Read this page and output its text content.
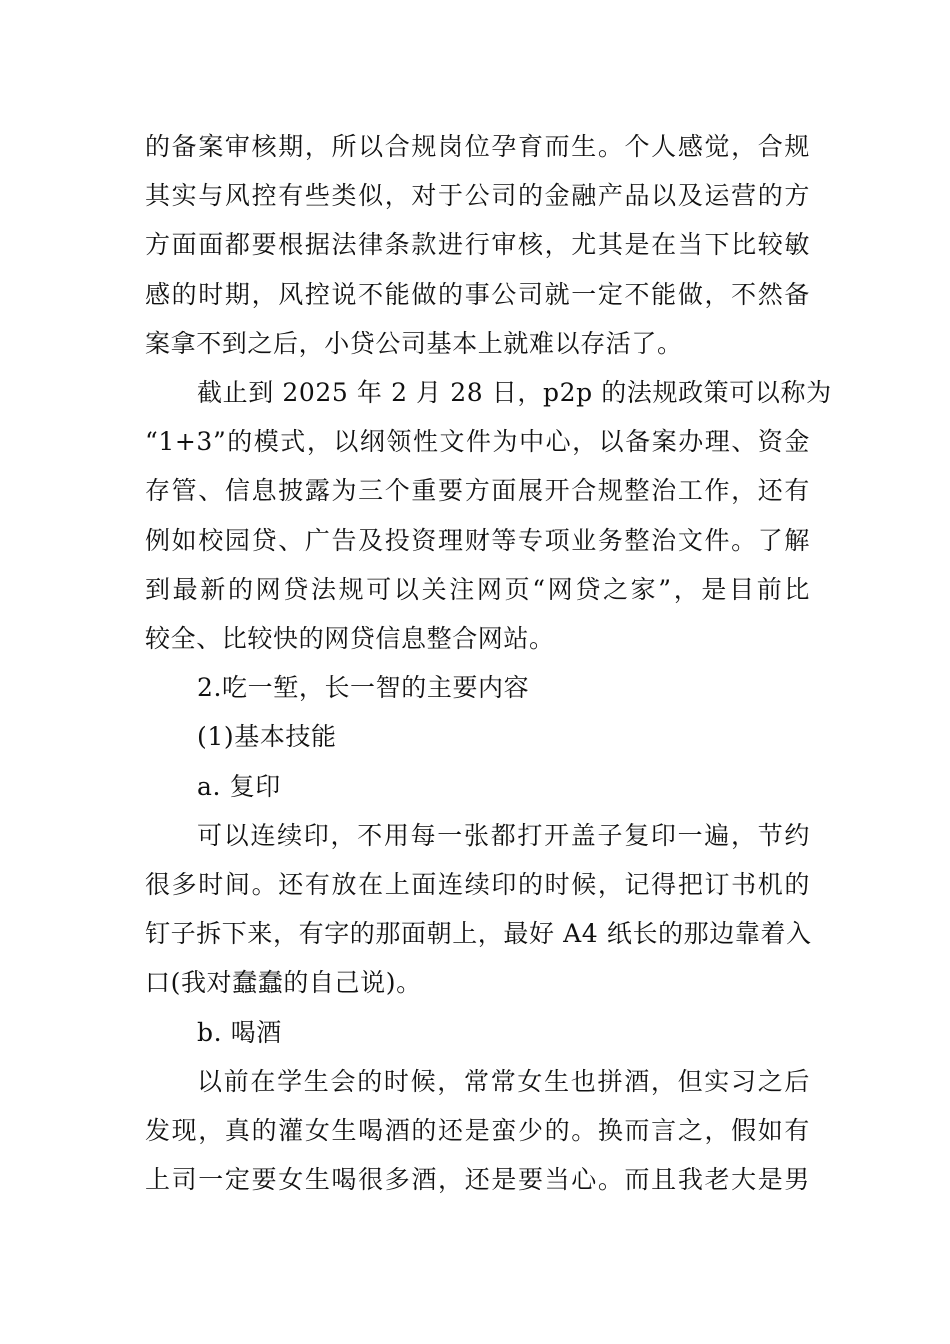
的备案审核期，所以合规岗位孕育而生。个人感觉，合规
其实与风控有些类似，对于公司的金融产品以及运营的方
方面面都要根据法律条款进行审核，尤其是在当下比较敏
感的时期，风控说不能做的事公司就一定不能做，不然备
案拿不到之后，小贷公司基本上就难以存活了。

截止到 2025 年 2 月 28 日，p2p 的法规政策可以称为
“1+3”的模式，以纲领性文件为中心，以备案办理、资金
存管、信息披露为三个重要方面展开合规整治工作，还有
例如校园贷、广告及投资理财等专项业务整治文件。了解
到最新的网贷法规可以关注网页“网贷之家”，是目前比
较全、比较快的网贷信息整合网站。

2.吃一堑，长一智的主要内容

(1)基本技能

a. 复印

可以连续印，不用每一张都打开盖子复印一遍，节约
很多时间。还有放在上面连续印的时候，记得把订书机的
钉子拆下来，有字的那面朝上，最好 A4 纸长的那边靠着入
口(我对蠢蠢的自己说)。

b. 喝酒

以前在学生会的时候，常常女生也拼酒，但实习之后
发现，真的灌女生喝酒的还是蛮少的。换而言之，假如有
上司一定要女生喝很多酒，还是要当心。而且我老大是男
